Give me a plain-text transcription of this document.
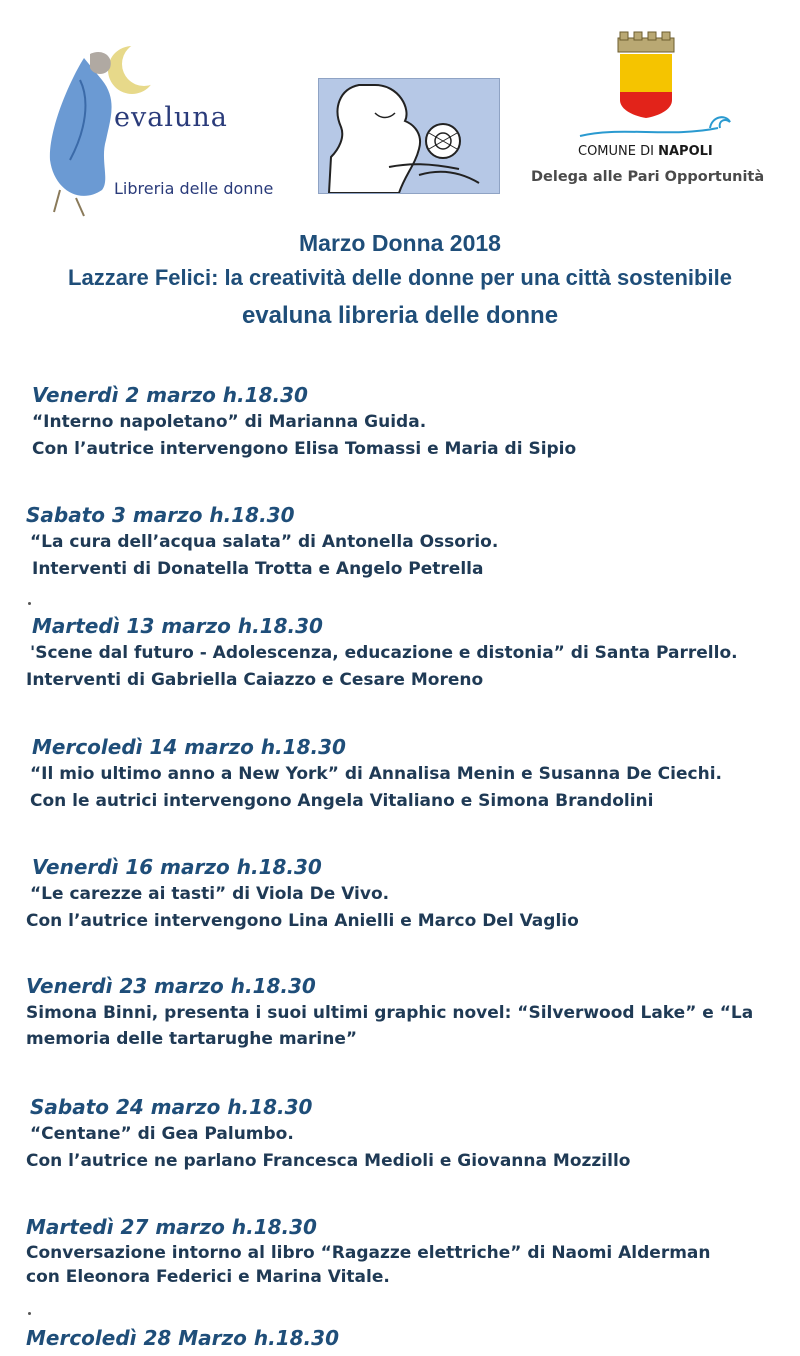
evaluna
Libreria delle donne
COMUNE DI NAPOLI
Delega alle Pari Opportunità
Marzo Donna 2018
Lazzare Felici: la creatività delle donne per una città sostenibile
evaluna libreria delle donne
Venerdì 2 marzo h.18.30
“Interno napoletano” di Marianna Guida.
Con l’autrice intervengono Elisa Tomassi e Maria di Sipio
Sabato 3 marzo h.18.30
“La cura dell’acqua salata” di Antonella Ossorio.
Interventi di Donatella Trotta e Angelo Petrella
Martedì 13 marzo h.18.30
'Scene dal futuro - Adolescenza, educazione e distonia” di Santa Parrello.
Interventi di Gabriella Caiazzo e Cesare Moreno
Mercoledì 14 marzo h.18.30
“Il mio ultimo anno a New York” di Annalisa Menin e Susanna De Ciechi.
Con le autrici intervengono Angela Vitaliano e Simona Brandolini
Venerdì 16 marzo h.18.30
“Le carezze ai tasti” di Viola De Vivo.
Con l’autrice intervengono Lina Anielli e Marco Del Vaglio
Venerdì 23 marzo h.18.30
Simona Binni, presenta i suoi ultimi graphic novel: “Silverwood Lake” e “La memoria delle tartarughe marine”
Sabato 24 marzo h.18.30
“Centane” di Gea Palumbo.
Con l’autrice ne parlano Francesca Medioli e Giovanna Mozzillo
Martedì 27 marzo h.18.30
Conversazione intorno al libro “Ragazze elettriche” di Naomi Alderman
con Eleonora Federici e Marina Vitale.
Mercoledì 28 Marzo h.18.30
